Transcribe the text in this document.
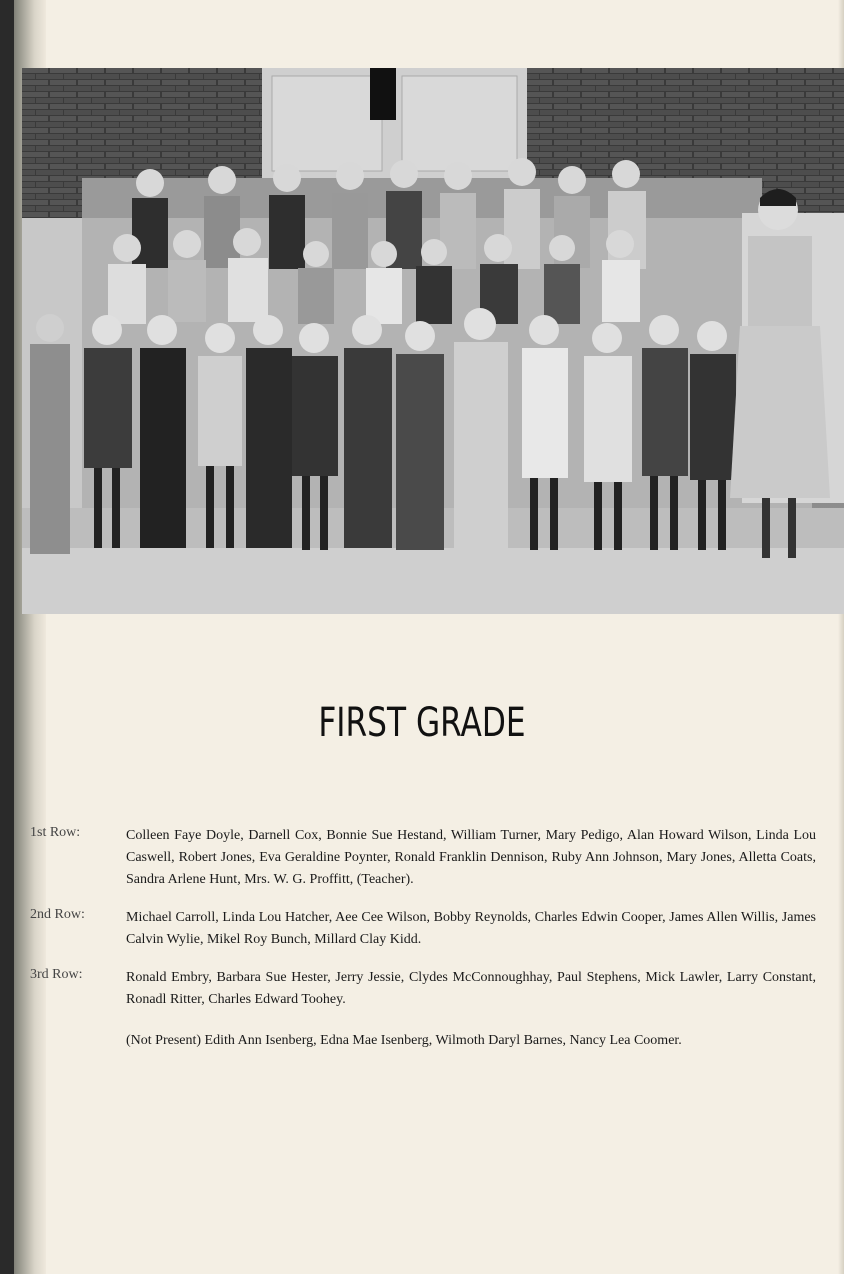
FIRST GRADE
1st Row:	Colleen Faye Doyle, Darnell Cox, Bonnie Sue Hestand, William Turner, Mary Pedigo, Alan Howard Wilson, Linda Lou Caswell, Robert Jones, Eva Geraldine Poynter, Ronald Franklin Dennison, Ruby Ann Johnson, Mary Jones, Alletta Coats, Sandra Arlene Hunt, Mrs. W. G. Proffitt, (Teacher).
2nd Row:	Michael Carroll, Linda Lou Hatcher, Aee Cee Wilson, Bobby Reynolds, Charles Edwin Cooper, James Allen Willis, James Calvin Wylie, Mikel Roy Bunch, Millard Clay Kidd.
3rd Row:	Ronald Embry, Barbara Sue Hester, Jerry Jessie, Clydes McConnoughhay, Paul Stephens, Mick Lawler, Larry Constant, Ronadl Ritter, Charles Edward Toohey.
(Not Present) Edith Ann Isenberg, Edna Mae Isenberg, Wilmoth Daryl Barnes, Nancy Lea Coomer.
